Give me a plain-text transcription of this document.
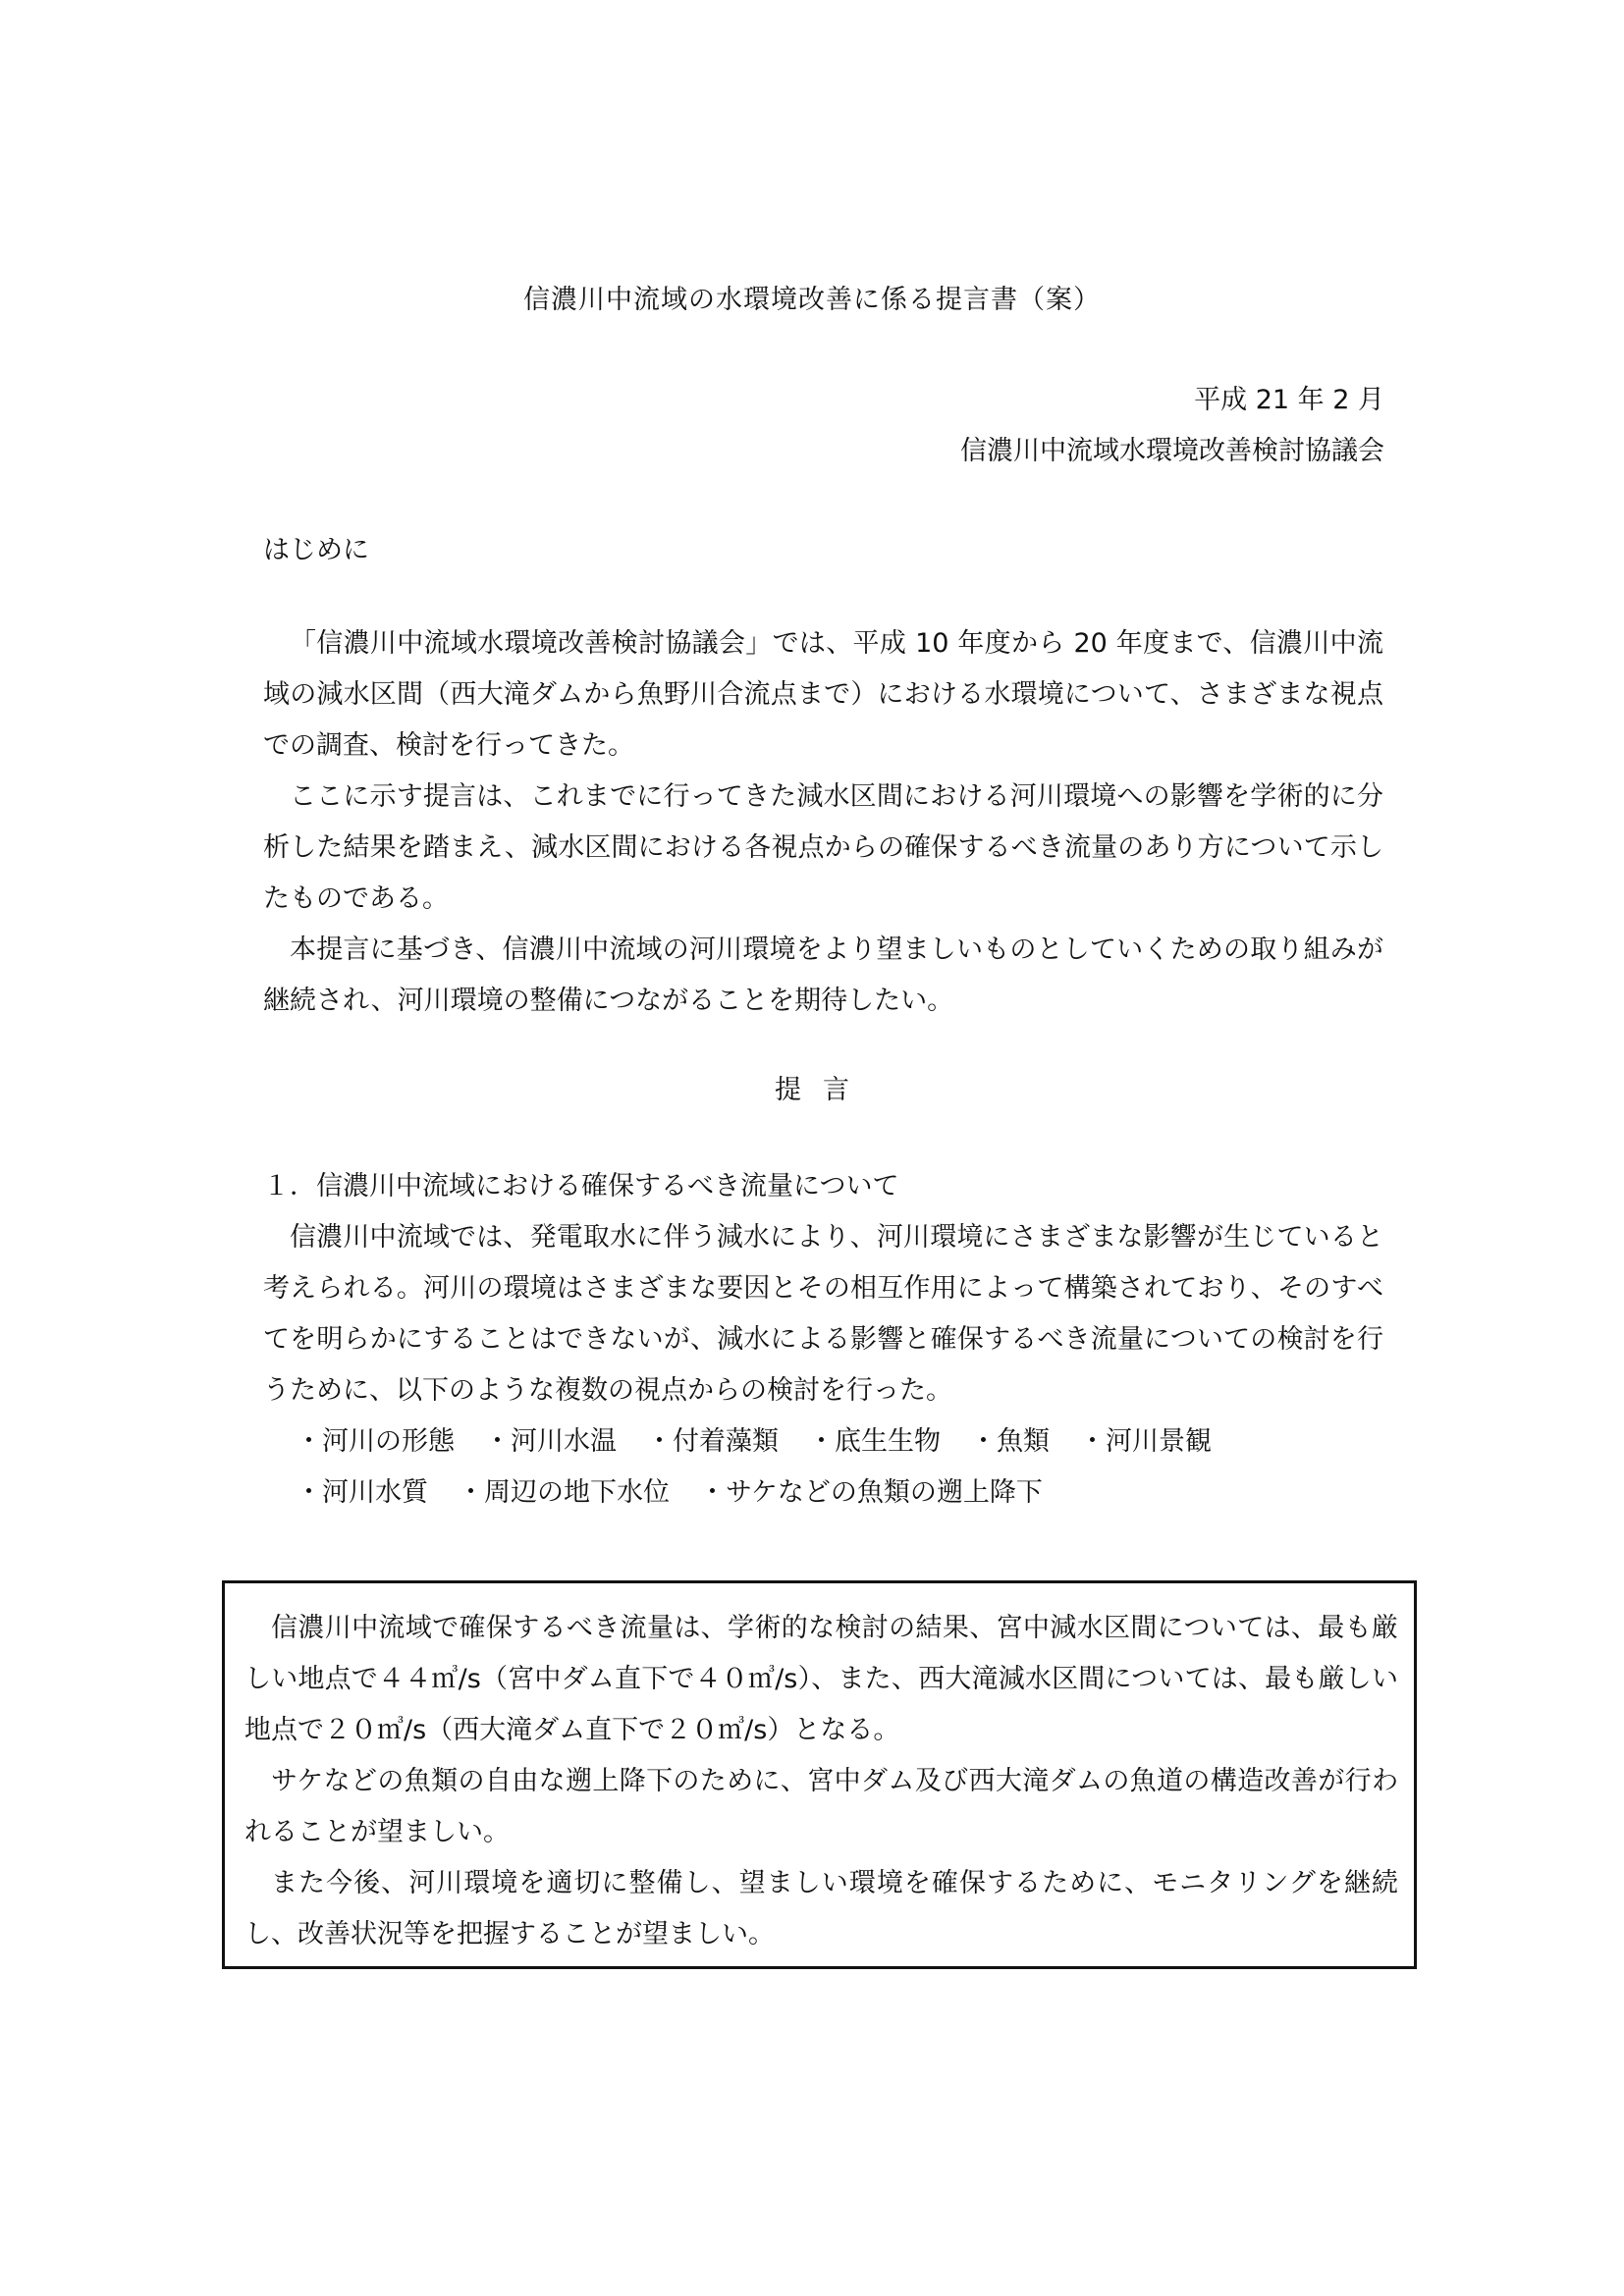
信濃川中流域の水環境改善に係る提言書（案）
平成 21 年 2 月
信濃川中流域水環境改善検討協議会
はじめに

「信濃川中流域水環境改善検討協議会」では、平成 10 年度から 20 年度まで、信濃川中流域の減水区間（西大滝ダムから魚野川合流点まで）における水環境について、さまざまな視点での調査、検討を行ってきた。

ここに示す提言は、これまでに行ってきた減水区間における河川環境への影響を学術的に分析した結果を踏まえ、減水区間における各視点からの確保するべき流量のあり方について示したものである。

本提言に基づき、信濃川中流域の河川環境をより望ましいものとしていくための取り組みが継続され、河川環境の整備につながることを期待したい。

提言

１．信濃川中流域における確保するべき流量について

信濃川中流域では、発電取水に伴う減水により、河川環境にさまざまな影響が生じていると考えられる。河川の環境はさまざまな要因とその相互作用によって構築されており、そのすべてを明らかにすることはできないが、減水による影響と確保するべき流量についての検討を行うために、以下のような複数の視点からの検討を行った。

・ 河川の形態	・ 河川水温	・ 付着藻類	・ 底生生物	・ 魚類	・ 河川景観
・ 河川水質	・ 周辺の地下水位	・ サケなどの魚類の遡上降下

信濃川中流域で確保するべき流量は、学術的な検討の結果、宮中減水区間については、最も厳しい地点で４４㎥/s（宮中ダム直下で４０㎥/s）、また、西大滝減水区間については、最も厳しい地点で２０㎥/s（西大滝ダム直下で２０㎥/s）となる。

サケなどの魚類の自由な遡上降下のために、宮中ダム及び西大滝ダムの魚道の構造改善が行われることが望ましい。

また今後、河川環境を適切に整備し、望ましい環境を確保するために、モニタリングを継続し、改善状況等を把握することが望ましい。
